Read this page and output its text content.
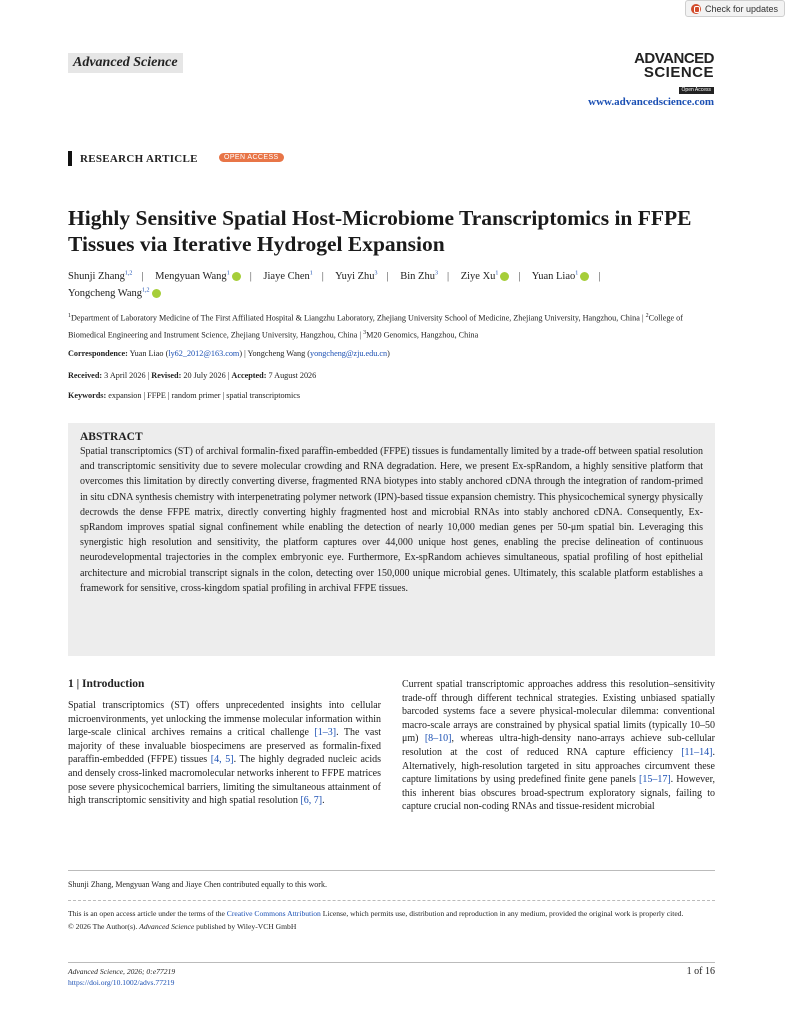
Check for updates
Advanced Science	ADVANCED
SCIENCE
Open Access
www.advancedscience.com
RESEARCH ARTICLE	OPEN ACCESS
Highly Sensitive Spatial Host-Microbiome Transcriptomics in FFPE Tissues via Iterative Hydrogel Expansion
Shunji Zhang$^{1,2}$ | Mengyuan Wang$^1$ | Jiaye Chen$^1$ | Yuyi Zhu$^3$ | Bin Zhu$^3$ | Ziye Xu$^1$ | Yuan Liao$^1$ |
Yongcheng Wang$^{1,2}$
$^1$Department of Laboratory Medicine of The First Affiliated Hospital & Liangzhu Laboratory, Zhejiang University School of Medicine, Zhejiang University, Hangzhou, China | $^2$College of Biomedical Engineering and Instrument Science, Zhejiang University, Hangzhou, China | $^3$M20 Genomics, Hangzhou, China
Correspondence: Yuan Liao (ly62_2012@163.com) | Yongcheng Wang (yongcheng@zju.edu.cn)
Received: 3 April 2026 | Revised: 20 July 2026 | Accepted: 7 August 2026
Keywords: expansion | FFPE | random primer | spatial transcriptomics
ABSTRACT
Spatial transcriptomics (ST) of archival formalin-fixed paraffin-embedded (FFPE) tissues is fundamentally limited by a trade-off between spatial resolution and transcriptomic sensitivity due to severe molecular crowding and RNA degradation. Here, we present Ex-spRandom, a highly sensitive platform that overcomes this limitation by directly converting diverse, fragmented RNA biotypes into stably anchored cDNA through the integration of random-primed in situ cDNA synthesis chemistry with interpenetrating polymer network (IPN)-based tissue expansion chemistry. This physicochemical synergy physically decrowds the dense FFPE matrix, directly converting highly fragmented host and microbial RNAs into stably anchored cDNA. Consequently, Ex-spRandom improves spatial signal confinement while enabling the detection of nearly 10,000 median genes per 50-μm spatial bin. Leveraging this synergistic high resolution and sensitivity, the platform captures over 44,000 unique host genes, enabling the precise delineation of continuous neurodevelopmental trajectories in the complex embryonic eye. Furthermore, Ex-spRandom achieves simultaneous, spatial profiling of host epithelial architecture and microbial transcript signals in the colon, detecting over 150,000 unique microbial genes. Ultimately, this scalable platform establishes a framework for sensitive, cross-kingdom spatial profiling in archival FFPE tissues.
1 | Introduction
Spatial transcriptomics (ST) offers unprecedented insights into cellular microenvironments, yet unlocking the immense molecular information within large-scale clinical archives remains a critical challenge [1–3]. The vast majority of these invaluable biospecimens are preserved as formalin-fixed paraffin-embedded (FFPE) tissues [4, 5]. The highly degraded nucleic acids and densely cross-linked macromolecular networks inherent to FFPE matrices pose severe physicochemical barriers, limiting the simultaneous attainment of high transcriptomic sensitivity and high spatial resolution [6, 7].
Current spatial transcriptomic approaches address this resolution–sensitivity trade-off through different technical strategies. Existing unbiased spatially barcoded systems face a severe physical-molecular dilemma: conventional macro-scale arrays are constrained by physical spatial limits (typically 10–50 μm) [8–10], whereas ultra-high-density nano-arrays achieve sub-cellular resolution at the cost of reduced RNA capture efficiency [11–14]. Alternatively, high-resolution targeted in situ approaches circumvent these capture limitations by using predefined finite gene panels [15–17]. However, this inherent bias obscures broad-spectrum exploratory signals, failing to capture crucial non-coding RNAs and tissue-resident microbial
Shunji Zhang, Mengyuan Wang and Jiaye Chen contributed equally to this work.
This is an open access article under the terms of the Creative Commons Attribution License, which permits use, distribution and reproduction in any medium, provided the original work is properly cited.
© 2026 The Author(s). Advanced Science published by Wiley-VCH GmbH
Advanced Science, 2026; 0:e77219
https://doi.org/10.1002/advs.77219
1 of 16
